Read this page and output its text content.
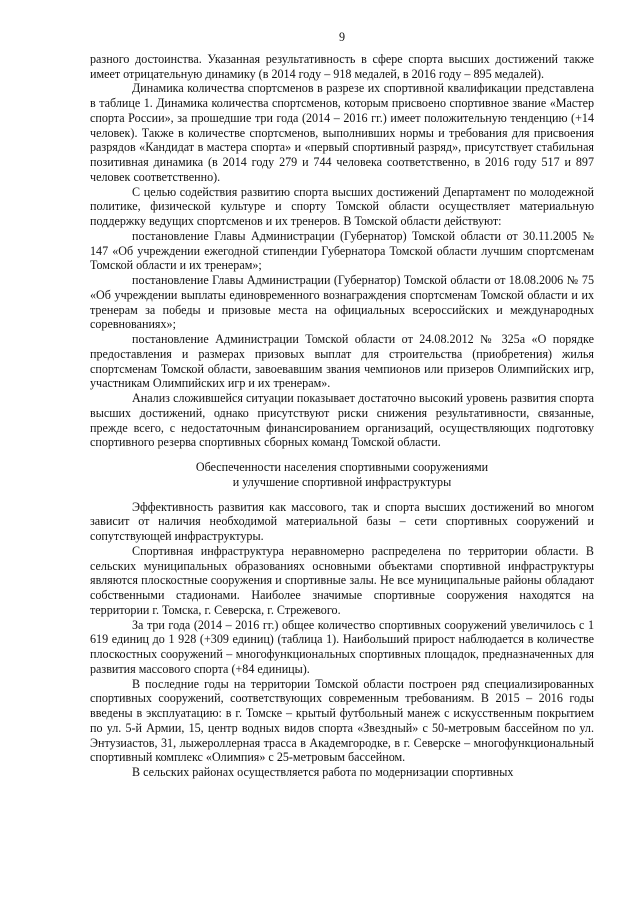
9

разного достоинства. Указанная результативность в сфере спорта высших достижений также имеет отрицательную динамику (в 2014 году – 918 медалей, в 2016 году – 895 медалей).

Динамика количества спортсменов в разрезе их спортивной квалификации представлена в таблице 1. Динамика количества спортсменов, которым присвоено спортивное звание «Мастер спорта России», за прошедшие три года (2014 – 2016 гг.) имеет положительную тенденцию (+14 человек). Также в количестве спортсменов, выполнивших нормы и требования для присвоения разрядов «Кандидат в мастера спорта» и «первый спортивный разряд», присутствует стабильная позитивная динамика (в 2014 году 279 и 744 человека соответственно, в 2016 году 517 и 897 человек соответственно).

С целью содействия развитию спорта высших достижений Департамент по молодежной политике, физической культуре и спорту Томской области осуществляет материальную поддержку ведущих спортсменов и их тренеров. В Томской области действуют:

постановление Главы Администрации (Губернатор) Томской области от 30.11.2005 № 147 «Об учреждении ежегодной стипендии Губернатора Томской области лучшим спортсменам Томской области и их тренерам»;

постановление Главы Администрации (Губернатор) Томской области от 18.08.2006 № 75 «Об учреждении выплаты единовременного вознаграждения спортсменам Томской области и их тренерам за победы и призовые места на официальных всероссийских и международных соревнованиях»;

постановление Администрации Томской области от 24.08.2012 № 325а «О порядке предоставления и размерах призовых выплат для строительства (приобретения) жилья спортсменам Томской области, завоевавшим звания чемпионов или призеров Олимпийских игр, участникам Олимпийских игр и их тренерам».

Анализ сложившейся ситуации показывает достаточно высокий уровень развития спорта высших достижений, однако присутствуют риски снижения результативности, связанные, прежде всего, с недостаточным финансированием организаций, осуществляющих подготовку спортивного резерва спортивных сборных команд Томской области.

Обеспеченности населения спортивными сооружениями
и улучшение спортивной инфраструктуры

Эффективность развития как массового, так и спорта высших достижений во многом зависит от наличия необходимой материальной базы – сети спортивных сооружений и сопутствующей инфраструктуры.

Спортивная инфраструктура неравномерно распределена по территории области. В сельских муниципальных образованиях основными объектами спортивной инфраструктуры являются плоскостные сооружения и спортивные залы. Не все муниципальные районы обладают собственными стадионами. Наиболее значимые спортивные сооружения находятся на территории г. Томска, г. Северска, г. Стрежевого.

За три года (2014 – 2016 гг.) общее количество спортивных сооружений увеличилось с 1 619 единиц до 1 928 (+309 единиц) (таблица 1). Наибольший прирост наблюдается в количестве плоскостных сооружений – многофункциональных спортивных площадок, предназначенных для развития массового спорта (+84 единицы).

В последние годы на территории Томской области построен ряд специализированных спортивных сооружений, соответствующих современным требованиям. В 2015 – 2016 годы введены в эксплуатацию: в г. Томске – крытый футбольный манеж с искусственным покрытием по ул. 5-й Армии, 15, центр водных видов спорта «Звездный» с 50-метровым бассейном по ул. Энтузиастов, 31, лыжероллерная трасса в Академгородке, в г. Северске – многофункциональный спортивный комплекс «Олимпия» с 25-метровым бассейном.

В сельских районах осуществляется работа по модернизации спортивных
